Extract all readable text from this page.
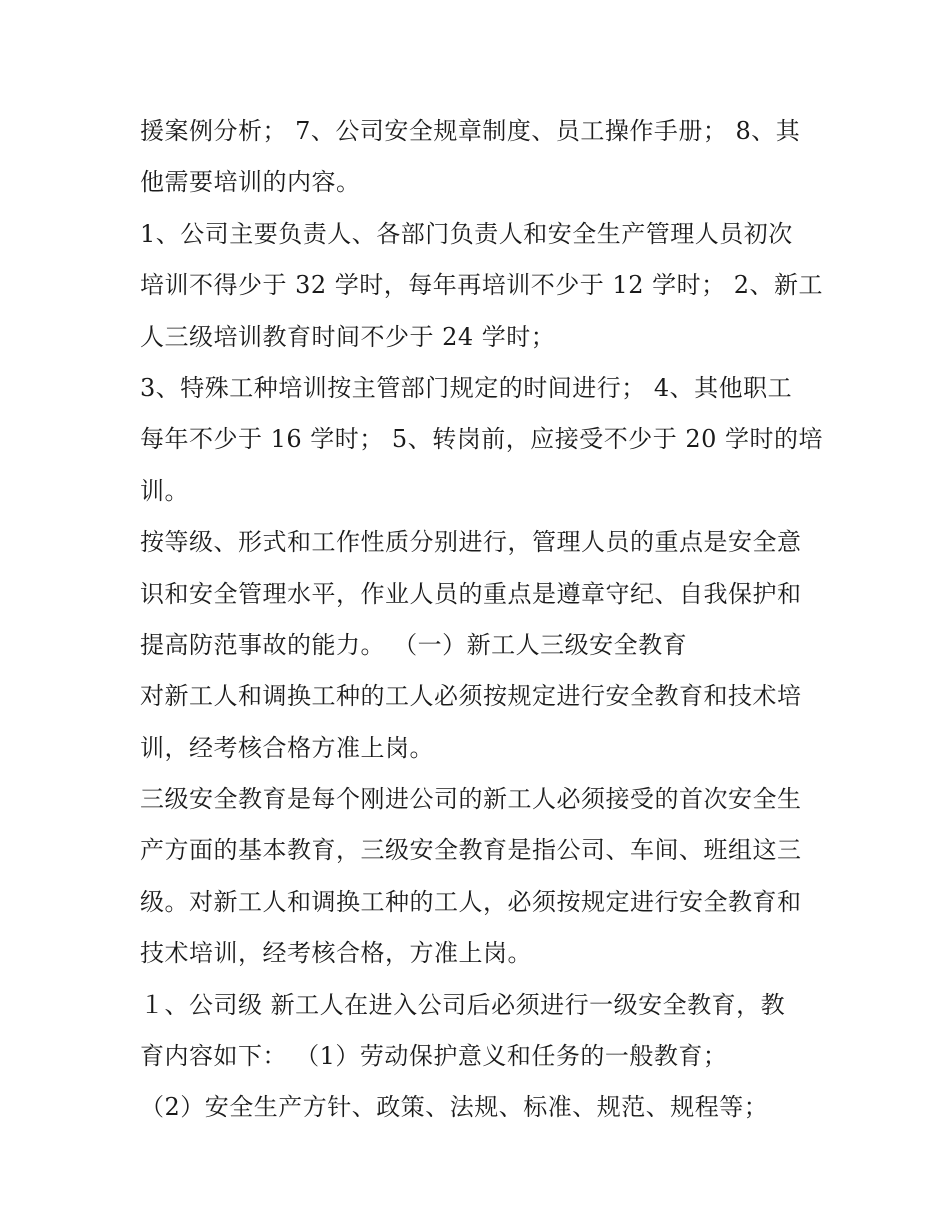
援案例分析； 7、公司安全规章制度、员工操作手册； 8、其
他需要培训的内容。
1、公司主要负责人、各部门负责人和安全生产管理人员初次
培训不得少于 32 学时，每年再培训不少于 12 学时； 2、新工
人三级培训教育时间不少于 24 学时；
3、特殊工种培训按主管部门规定的时间进行； 4、其他职工
每年不少于 16 学时； 5、转岗前，应接受不少于 20 学时的培
训。
按等级、形式和工作性质分别进行，管理人员的重点是安全意
识和安全管理水平，作业人员的重点是遵章守纪、自我保护和
提高防范事故的能力。 （一）新工人三级安全教育
对新工人和调换工种的工人必须按规定进行安全教育和技术培
训，经考核合格方准上岗。
三级安全教育是每个刚进公司的新工人必须接受的首次安全生
产方面的基本教育，三级安全教育是指公司、车间、班组这三
级。对新工人和调换工种的工人，必须按规定进行安全教育和
技术培训，经考核合格，方准上岗。
１、公司级 新工人在进入公司后必须进行一级安全教育，教
育内容如下： （1）劳动保护意义和任务的一般教育；
（2）安全生产方针、政策、法规、标准、规范、规程等；
